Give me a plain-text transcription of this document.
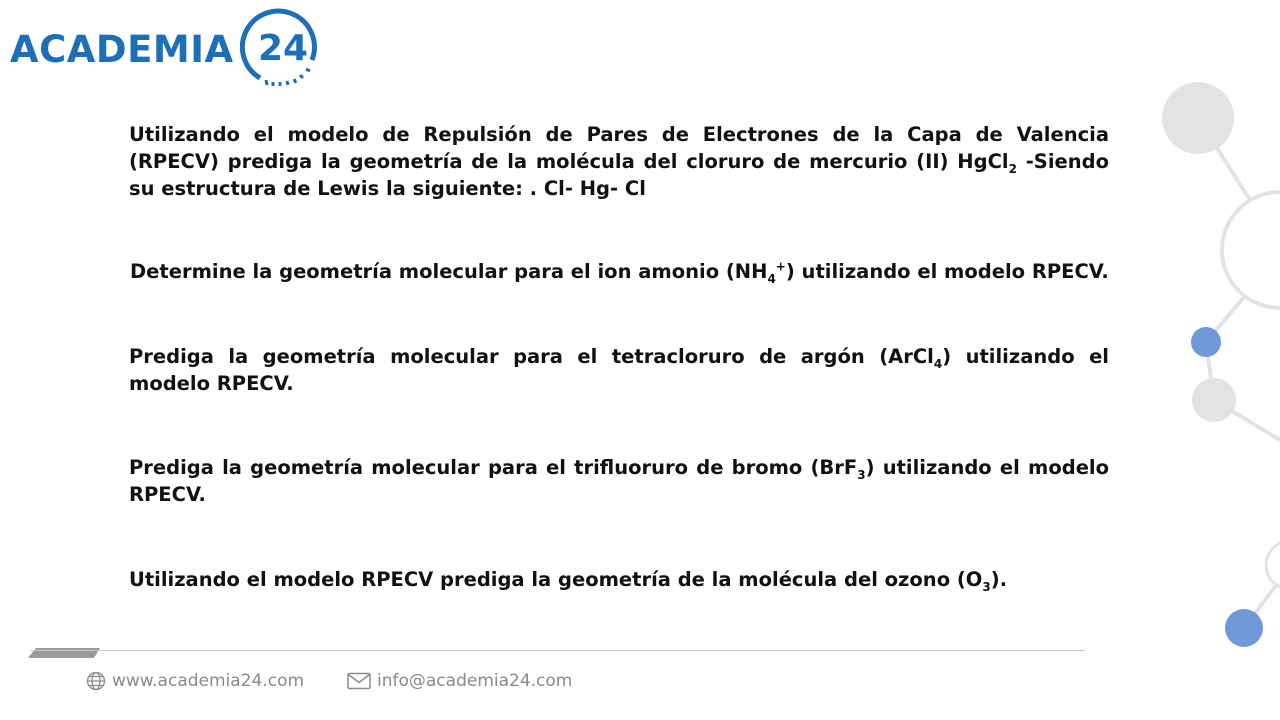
ACADEMIA 24
Utilizando el modelo de Repulsión de Pares de Electrones de la Capa de Valencia (RPECV) prediga la geometría de la molécula del cloruro de mercurio (II) HgCl$_2$ -Siendo su estructura de Lewis la siguiente: . Cl- Hg- Cl
Determine la geometría molecular para el ion amonio $(NH_4^+)$ utilizando el modelo RPECV.
Prediga la geometría molecular para el tetracloruro de argón (ArCl$_4$) utilizando el modelo RPECV.
Prediga la geometría molecular para el trifluoruro de bromo (BrF$_3$) utilizando el modelo RPECV.
Utilizando el modelo RPECV prediga la geometría de la molécula del ozono $(O_3)$.
www.academia24.com	info@academia24.com
